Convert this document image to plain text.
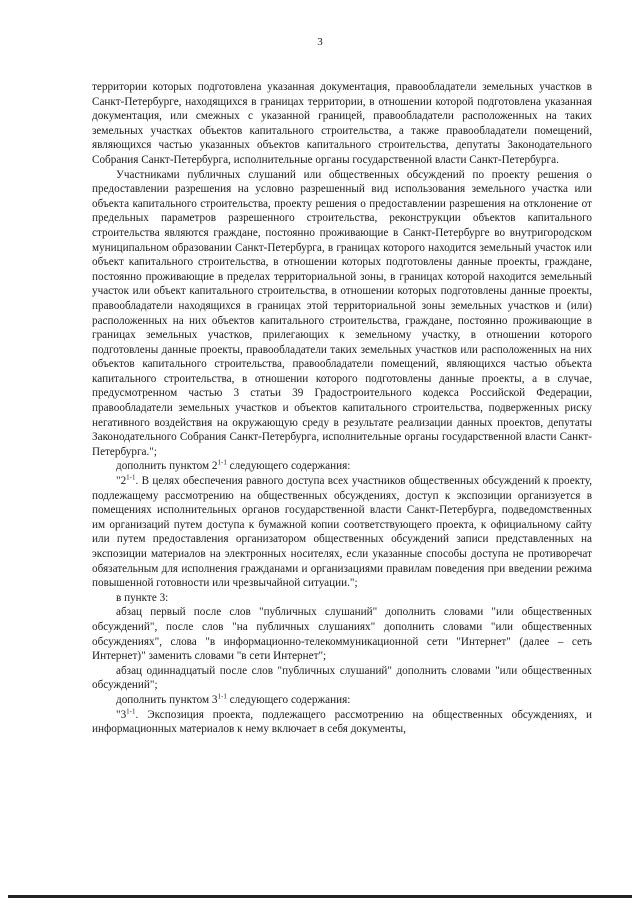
3

территории которых подготовлена указанная документация, правообладатели земельных участков в Санкт-Петербурге, находящихся в границах территории, в отношении которой подготовлена указанная документация, или смежных с указанной границей, правообладатели расположенных на таких земельных участках объектов капитального строительства, а также правообладатели помещений, являющихся частью указанных объектов капитального строительства, депутаты Законодательного Собрания Санкт-Петербурга, исполнительные органы государственной власти Санкт-Петербурга.

Участниками публичных слушаний или общественных обсуждений по проекту решения о предоставлении разрешения на условно разрешенный вид использования земельного участка или объекта капитального строительства, проекту решения о предоставлении разрешения на отклонение от предельных параметров разрешенного строительства, реконструкции объектов капитального строительства являются граждане, постоянно проживающие в Санкт-Петербурге во внутригородском муниципальном образовании Санкт-Петербурга, в границах которого находится земельный участок или объект капитального строительства, в отношении которых подготовлены данные проекты, граждане, постоянно проживающие в пределах территориальной зоны, в границах которой находится земельный участок или объект капитального строительства, в отношении которых подготовлены данные проекты, правообладатели находящихся в границах этой территориальной зоны земельных участков и (или) расположенных на них объектов капитального строительства, граждане, постоянно проживающие в границах земельных участков, прилегающих к земельному участку, в отношении которого подготовлены данные проекты, правообладатели таких земельных участков или расположенных на них объектов капитального строительства, правообладатели помещений, являющихся частью объекта капитального строительства, в отношении которого подготовлены данные проекты, а в случае, предусмотренном частью 3 статьи 39 Градостроительного кодекса Российской Федерации, правообладатели земельных участков и объектов капитального строительства, подверженных риску негативного воздействия на окружающую среду в результате реализации данных проектов, депутаты Законодательного Собрания Санкт-Петербурга, исполнительные органы государственной власти Санкт-Петербурга.";

дополнить пунктом 2$^{1-1}$ следующего содержания:

"2$^{1-1}$. В целях обеспечения равного доступа всех участников общественных обсуждений к проекту, подлежащему рассмотрению на общественных обсуждениях, доступ к экспозиции организуется в помещениях исполнительных органов государственной власти Санкт-Петербурга, подведомственных им организаций путем доступа к бумажной копии соответствующего проекта, к официальному сайту или путем предоставления организатором общественных обсуждений записи представленных на экспозиции материалов на электронных носителях, если указанные способы доступа не противоречат обязательным для исполнения гражданами и организациями правилам поведения при введении режима повышенной готовности или чрезвычайной ситуации.";

в пункте 3:

абзац первый после слов "публичных слушаний" дополнить словами "или общественных обсуждений", после слов "на публичных слушаниях" дополнить словами "или общественных обсуждениях", слова "в информационно-телекоммуникационной сети "Интернет" (далее – сеть Интернет)" заменить словами "в сети Интернет";

абзац одиннадцатый после слов "публичных слушаний" дополнить словами "или общественных обсуждений";

дополнить пунктом 3$^{1-1}$ следующего содержания:

"3$^{1-1}$. Экспозиция проекта, подлежащего рассмотрению на общественных обсуждениях, и информационных материалов к нему включает в себя документы,
